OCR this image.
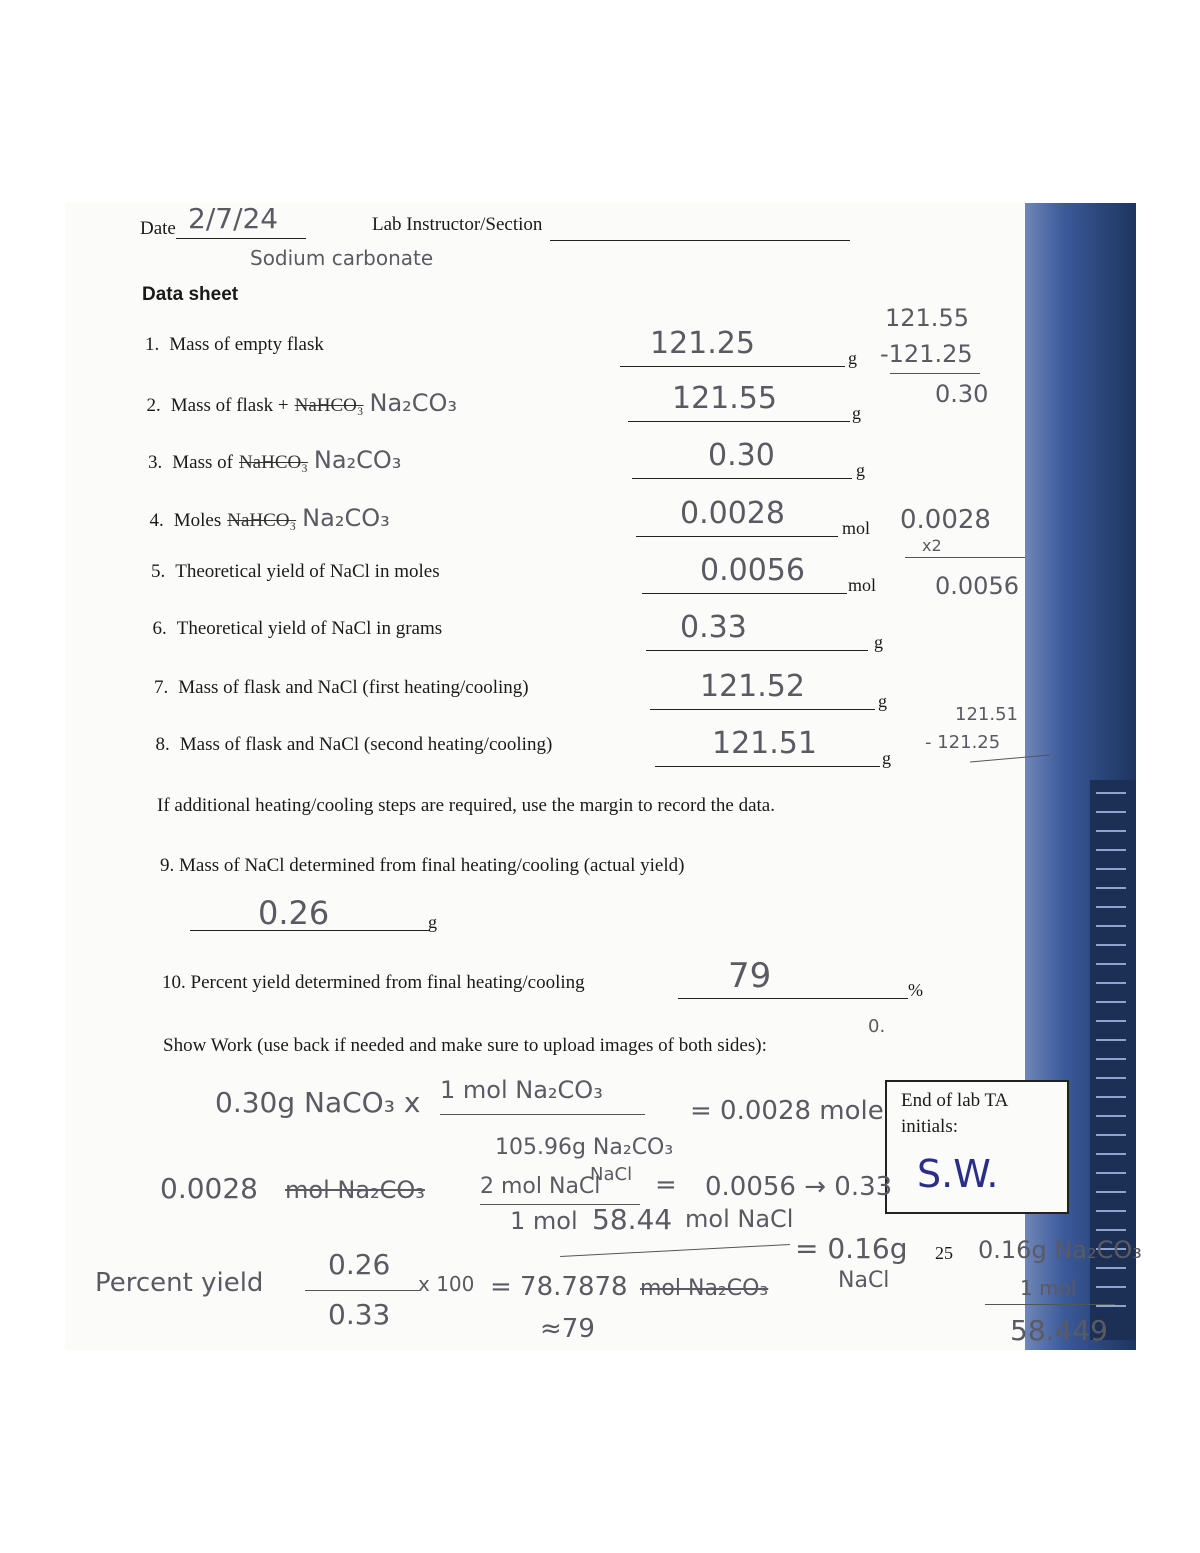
Date 2/7/24	Lab Instructor/Section
Sodium carbonate
Data sheet
1. Mass of empty flask	121.25	g
2. Mass of flask + NaHCO₃ Na₂CO₃	121.55	g
3. Mass of NaHCO₃ Na₂CO₃	0.30	g
4. Moles NaHCO₃ Na₂CO₃	0.0028	mol
5. Theoretical yield of NaCl in moles	0.0056 mol
6. Theoretical yield of NaCl in grams	0.33	g
7. Mass of flask and NaCl (first heating/cooling)	121.52	g
8. Mass of flask and NaCl (second heating/cooling)	121.51	g
121.55
-121.25
0.30
0.0028
x2
0.0056
121.51
- 121.25
If additional heating/cooling steps are required, use the margin to record the data.
9. Mass of NaCl determined from final heating/cooling (actual yield)
0.26	g
10. Percent yield determined from final heating/cooling	79	%
0.
Show Work (use back if needed and make sure to upload images of both sides):
End of lab TA
initials:
S.W.
0.30g NaCO₃ x 1 mol Na₂CO₃
105.96g Na₂CO₃
= 0.0028 mole
0.0028 mol Na₂CO₃	2 mol NaCl
NaCl = 0.0056 → 0.33
1 mol 58.44 mol NaCl
= 0.16g
NaCl
Percent yield
0.26
x 100
0.33
= 78.7878 mol Na₂CO₃
≈79
25 0.16g Na₂CO₃
1 mol
58.449
